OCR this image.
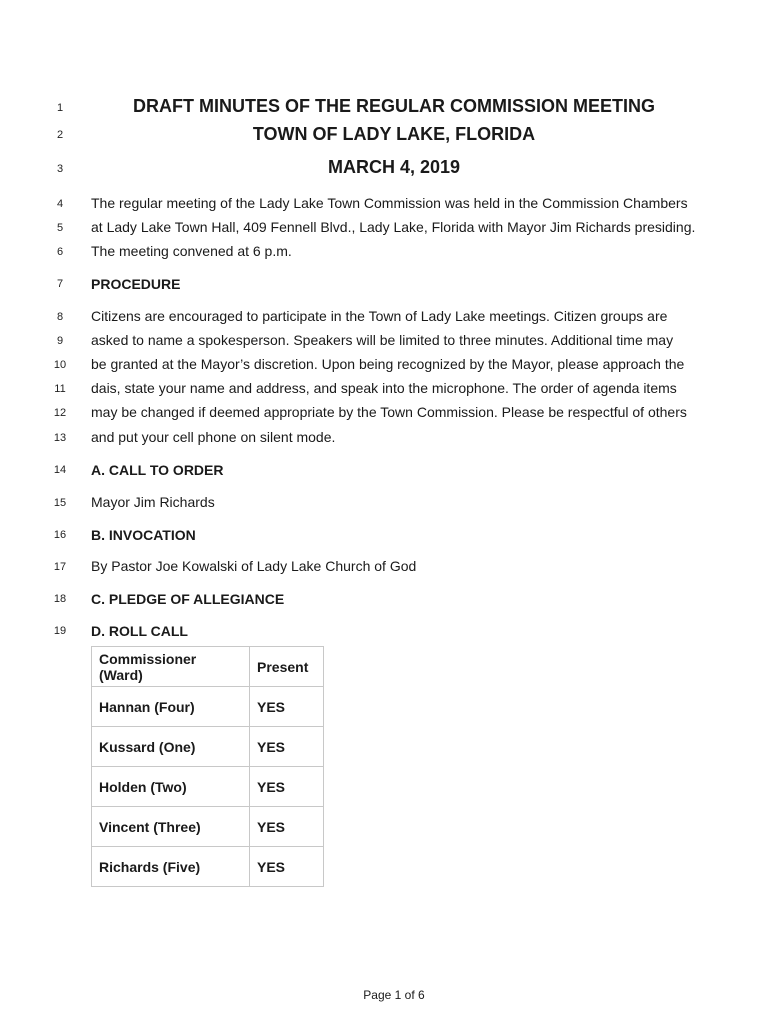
1
2
3
4
5
6
7
8
9
10
11
12
13
14
15
16
17
18
19
DRAFT MINUTES OF THE REGULAR COMMISSION MEETING
TOWN OF LADY LAKE, FLORIDA
MARCH 4, 2019
The regular meeting of the Lady Lake Town Commission was held in the Commission Chambers
at Lady Lake Town Hall, 409 Fennell Blvd., Lady Lake, Florida with Mayor Jim Richards presiding.
The meeting convened at 6 p.m.
PROCEDURE
Citizens are encouraged to participate in the Town of Lady Lake meetings. Citizen groups are
asked to name a spokesperson. Speakers will be limited to three minutes. Additional time may
be granted at the Mayor’s discretion. Upon being recognized by the Mayor, please approach the
dais, state your name and address, and speak into the microphone. The order of agenda items
may be changed if deemed appropriate by the Town Commission. Please be respectful of others
and put your cell phone on silent mode.
A. CALL TO ORDER
Mayor Jim Richards
B. INVOCATION
By Pastor Joe Kowalski of Lady Lake Church of God
C. PLEDGE OF ALLEGIANCE
D. ROLL CALL
Commissioner (Ward)	Present
Hannan (Four)	YES
Kussard (One)	YES
Holden (Two)	YES
Vincent (Three)	YES
Richards (Five)	YES
Page 1 of 6
